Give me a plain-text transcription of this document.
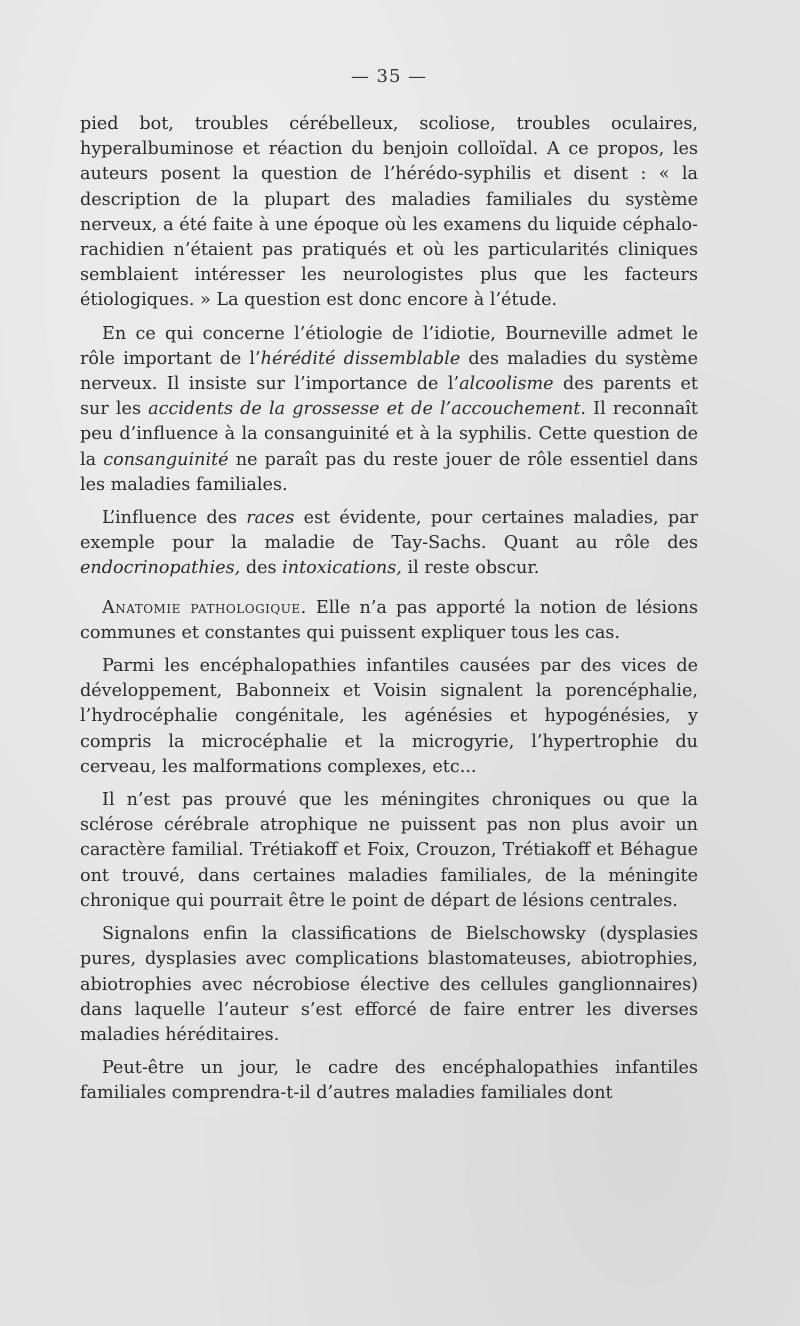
— 35 —

pied bot, troubles cérébelleux, scoliose, troubles oculaires, hyperalbuminose et réaction du benjoin colloïdal. A ce propos, les auteurs posent la question de l’hérédo-syphilis et disent : « la description de la plupart des maladies familiales du système nerveux, a été faite à une époque où les examens du liquide céphalo-rachidien n’étaient pas pratiqués et où les particularités cliniques semblaient intéresser les neurologistes plus que les facteurs étiologiques. » La question est donc encore à l’étude.

En ce qui concerne l’étiologie de l’idiotie, Bourneville admet le rôle important de l’hérédité dissemblable des maladies du système nerveux. Il insiste sur l’importance de l’alcoolisme des parents et sur les accidents de la grossesse et de l’accouchement. Il reconnaît peu d’influence à la consanguinité et à la syphilis. Cette question de la consanguinité ne paraît pas du reste jouer de rôle essentiel dans les maladies familiales.

L’influence des races est évidente, pour certaines maladies, par exemple pour la maladie de Tay-Sachs. Quant au rôle des endocrinopathies, des intoxications, il reste obscur.

Anatomie pathologique. Elle n’a pas apporté la notion de lésions communes et constantes qui puissent expliquer tous les cas.

Parmi les encéphalopathies infantiles causées par des vices de développement, Babonneix et Voisin signalent la porencéphalie, l’hydrocéphalie congénitale, les agénésies et hypogénésies, y compris la microcéphalie et la microgyrie, l’hypertrophie du cerveau, les malformations complexes, etc...

Il n’est pas prouvé que les méningites chroniques ou que la sclérose cérébrale atrophique ne puissent pas non plus avoir un caractère familial. Trétiakoff et Foix, Crouzon, Trétiakoff et Béhague ont trouvé, dans certaines maladies familiales, de la méningite chronique qui pourrait être le point de départ de lésions centrales.

Signalons enfin la classifications de Bielschowsky (dysplasies pures, dysplasies avec complications blastomateuses, abiotrophies, abiotrophies avec nécrobiose élective des cellules ganglionnaires) dans laquelle l’auteur s’est efforcé de faire entrer les diverses maladies héréditaires.

Peut-être un jour, le cadre des encéphalopathies infantiles familiales comprendra-t-il d’autres maladies familiales dont
